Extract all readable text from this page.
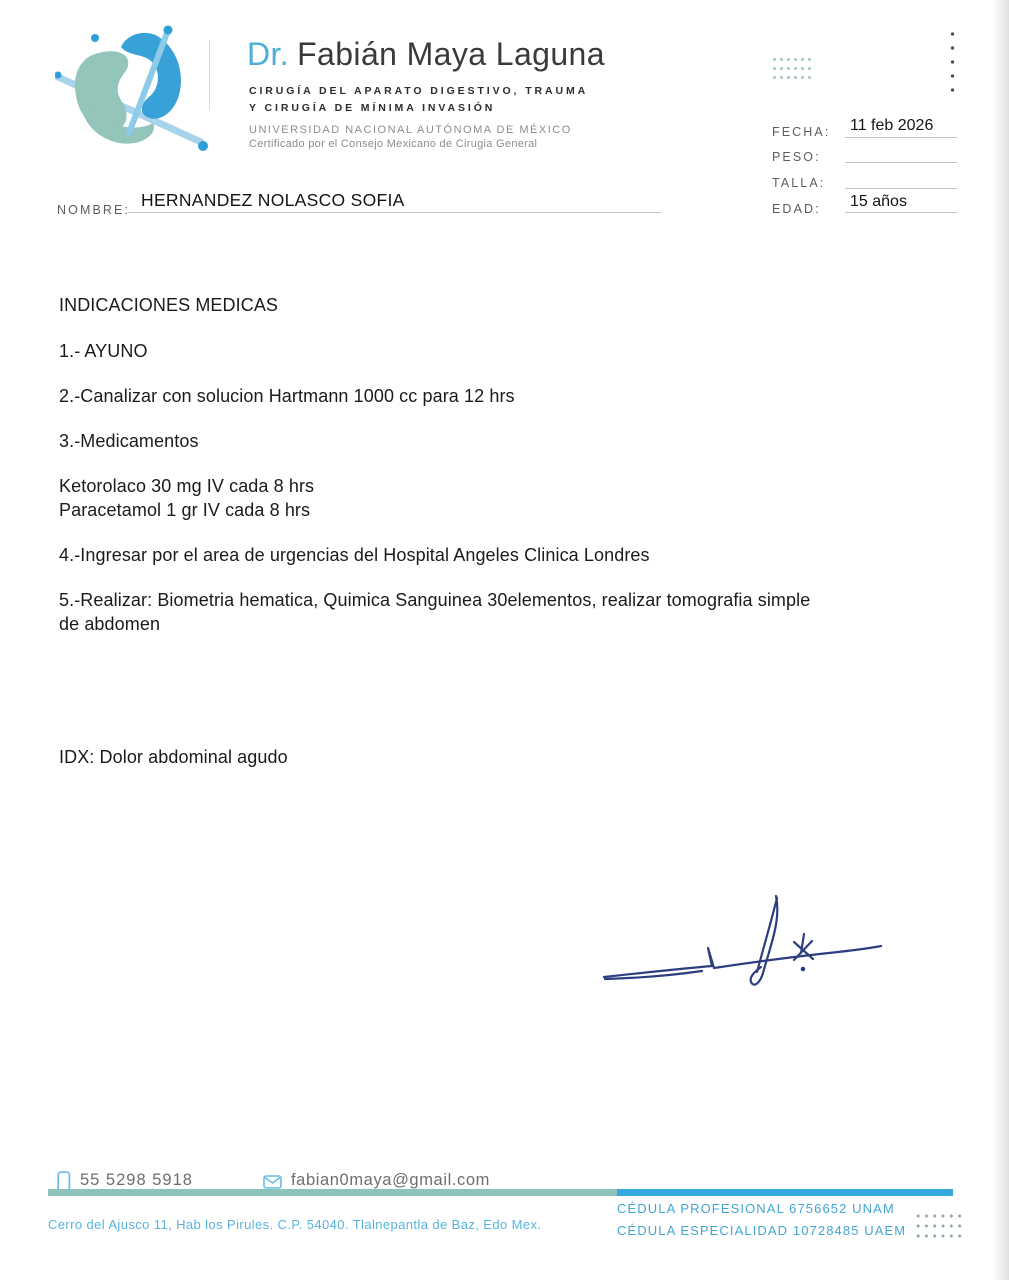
Dr. Fabián Maya Laguna
CIRUGÍA DEL APARATO DIGESTIVO, TRAUMA
Y CIRUGÍA DE MÍNIMA INVASIÓN
UNIVERSIDAD NACIONAL AUTÓNOMA DE MÉXICO
Certificado por el Consejo Mexicano de Cirugia General
FECHA: 11 feb 2026
PESO:
TALLA:
EDAD: 15 años
NOMBRE: HERNANDEZ NOLASCO SOFIA
INDICACIONES MEDICAS
1.- AYUNO
2.-Canalizar con solucion Hartmann 1000 cc para 12 hrs
3.-Medicamentos
Ketorolaco 30 mg IV cada 8 hrs
Paracetamol 1 gr IV cada 8 hrs
4.-Ingresar por el area de urgencias del Hospital Angeles Clinica Londres
5.-Realizar: Biometria hematica, Quimica Sanguinea 30elementos, realizar tomografia simple
de abdomen
IDX: Dolor abdominal agudo
55 5298 5918	fabian0maya@gmail.com
Cerro del Ajusco 11, Hab los Pirules. C.P. 54040. Tlalnepantla de Baz, Edo Mex.
CÉDULA PROFESIONAL 6756652 UNAM
CÉDULA ESPECIALIDAD 10728485 UAEM
